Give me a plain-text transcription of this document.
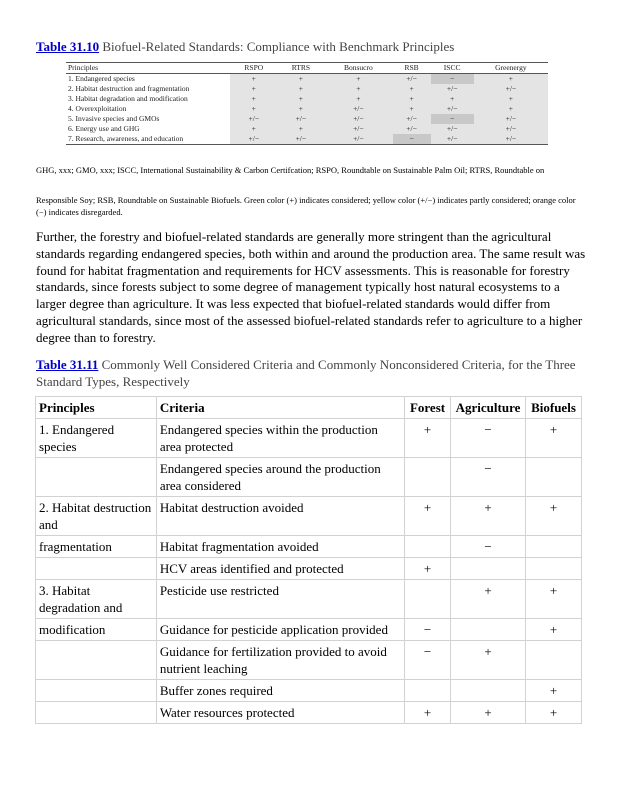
Table 31.10 Biofuel-Related Standards: Compliance with Benchmark Principles
Principles	RSPO	RTRS	Bonsucro	RSB	ISCC	Greenergy
1. Endangered species	+	+	+	+/−	−	+
2. Habitat destruction and fragmentation	+	+	+	+	+/−	+/−
3. Habitat degradation and modification	+	+	+	+	+	+
4. Overexploitation	+	+	+/−	+	+/−	+
5. Invasive species and GMOs	+/−	+/−	+/−	+/−	−	+/−
6. Energy use and GHG	+	+	+/−	+/−	+/−	+/−
7. Research, awareness, and education	+/−	+/−	+/−	−	+/−	+/−
GHG, xxx; GMO, xxx; ISCC, International Sustainability & Carbon Certifcation; RSPO, Roundtable on Sustainable Palm Oil; RTRS, Roundtable on
Responsible Soy; RSB, Roundtable on Sustainable Biofuels. Green color (+) indicates considered; yellow color (+/−) indicates partly considered; orange color (−) indicates disregarded.
Further, the forestry and biofuel-related standards are generally more stringent than the agricultural standards regarding endangered species, both within and around the production area. The same result was found for habitat fragmentation and requirements for HCV assessments. This is reasonable for forestry standards, since forests subject to some degree of management typically host natural ecosystems to a larger degree than agriculture. It was less expected that biofuel-related standards would differ from agricultural standards, since most of the assessed biofuel-related standards refer to agriculture to a higher degree than to forestry.
Table 31.11 Commonly Well Considered Criteria and Commonly Nonconsidered Criteria, for the Three Standard Types, Respectively
Principles	Criteria	Forest	Agriculture	Biofuels
1. Endangered species	Endangered species within the production area protected	+	−	+
	Endangered species around the production area considered		−	
2. Habitat destruction and	Habitat destruction avoided	+	+	+
fragmentation	Habitat fragmentation avoided		−	
	HCV areas identified and protected	+		
3. Habitat degradation and	Pesticide use restricted		+	+
modification	Guidance for pesticide application provided	−		+
	Guidance for fertilization provided to avoid nutrient leaching	−	+	
	Buffer zones required			+
	Water resources protected	+	+	+
